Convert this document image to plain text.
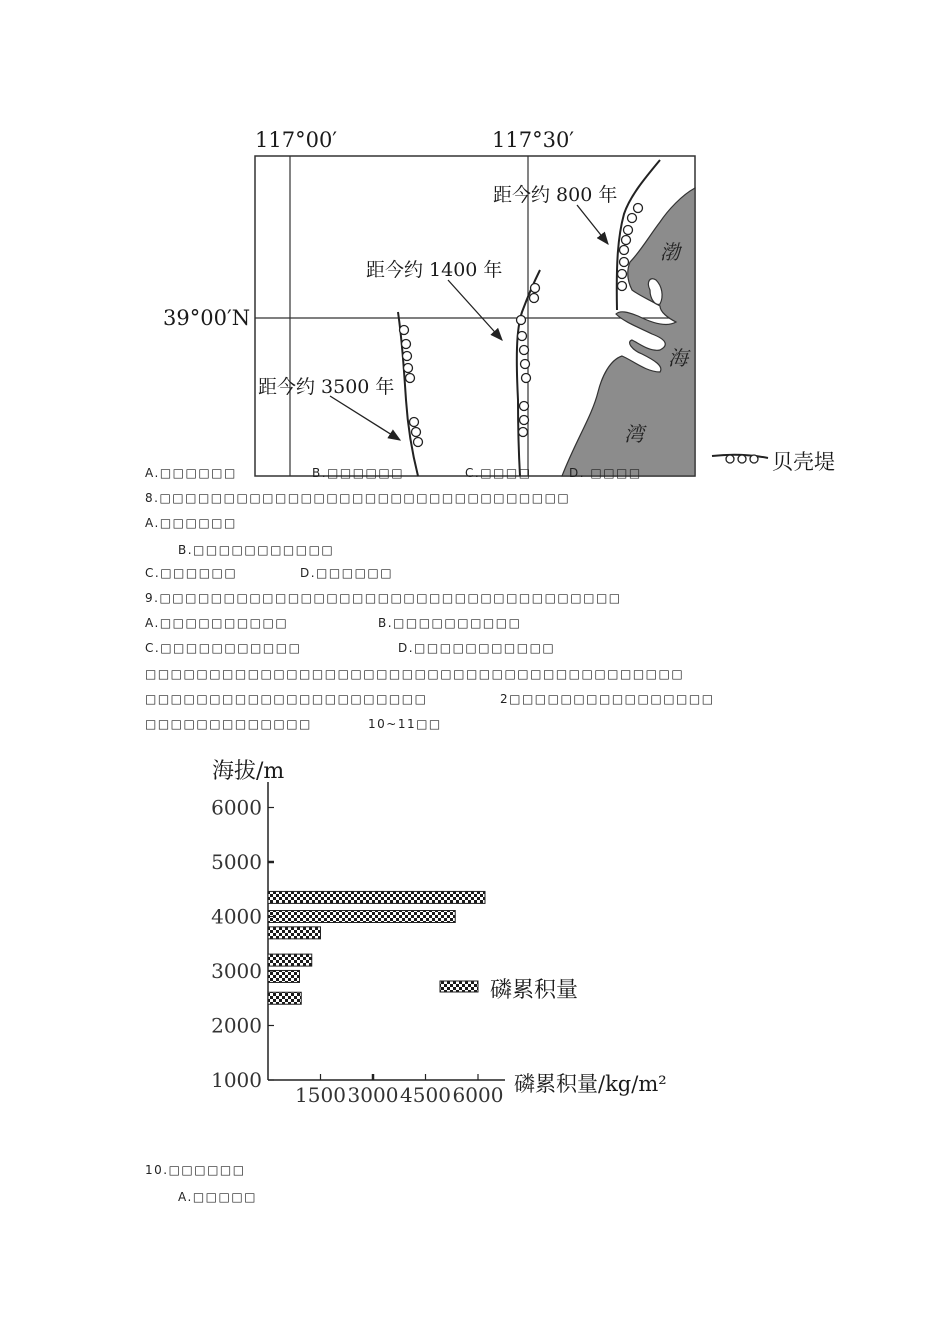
117°00′	117°30′
39°00′N
距今约 800 年
距今约 1400 年
距今约 3500 年
渤
海
湾
贝壳堤
A.□□□□□□	B.□□□□□□	C.□□□□	D. □□□□
8.□□□□□□□□□□□□□□□□□□□□□□□□□□□□□□□□
A.□□□□□□
B.□□□□□□□□□□□
C.□□□□□□	D.□□□□□□
9.□□□□□□□□□□□□□□□□□□□□□□□□□□□□□□□□□□□□
A.□□□□□□□□□□	B.□□□□□□□□□□
C.□□□□□□□□□□□	D.□□□□□□□□□□□
□□□□□□□□□□□□□□□□□□□□□□□□□□□□□□□□□□□□□□□□□□
□□□□□□□□□□□□□□□□□□□□□□	2□□□□□□□□□□□□□□□□
□□□□□□□□□□□□□	10~11□□
6000
5000
4000
3000
2000
1000
1500 3000 4500 6000
海拔/m
磷累积量/kg/m²
磷累积量
10.□□□□□□
A.□□□□□
